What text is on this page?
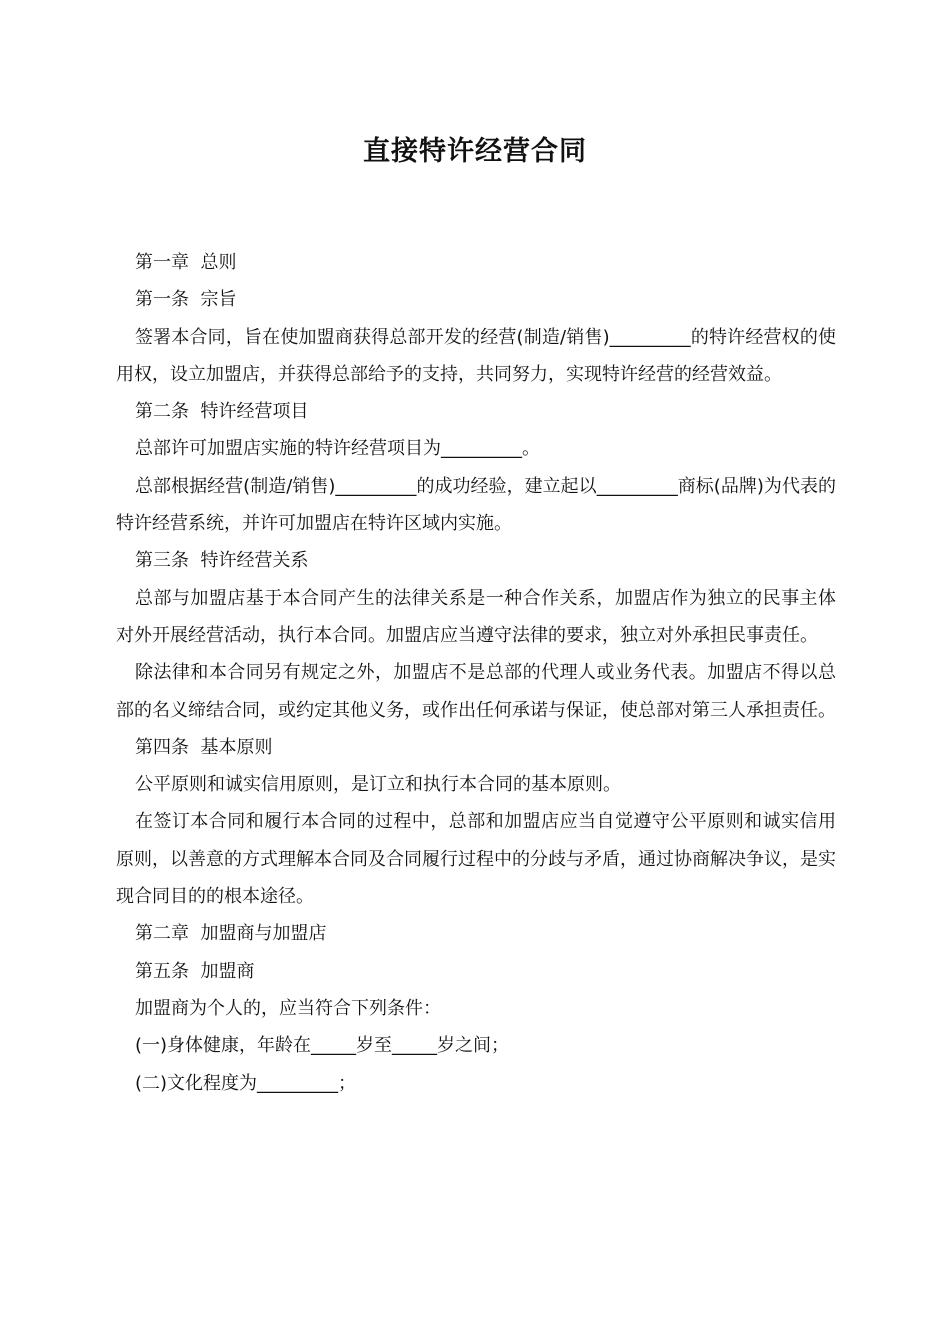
直接特许经营合同

第一章  总则

第一条  宗旨

签署本合同，旨在使加盟商获得总部开发的经营(制造/销售)_________的特许经营权的使用权，设立加盟店，并获得总部给予的支持，共同努力，实现特许经营的经营效益。

第二条  特许经营项目

总部许可加盟店实施的特许经营项目为_________。

总部根据经营(制造/销售)_________的成功经验，建立起以_________商标(品牌)为代表的特许经营系统，并许可加盟店在特许区域内实施。

第三条  特许经营关系

总部与加盟店基于本合同产生的法律关系是一种合作关系，加盟店作为独立的民事主体对外开展经营活动，执行本合同。加盟店应当遵守法律的要求，独立对外承担民事责任。

除法律和本合同另有规定之外，加盟店不是总部的代理人或业务代表。加盟店不得以总部的名义缔结合同，或约定其他义务，或作出任何承诺与保证，使总部对第三人承担责任。

第四条  基本原则

公平原则和诚实信用原则，是订立和执行本合同的基本原则。

在签订本合同和履行本合同的过程中，总部和加盟店应当自觉遵守公平原则和诚实信用原则，以善意的方式理解本合同及合同履行过程中的分歧与矛盾，通过协商解决争议，是实现合同目的的根本途径。

第二章  加盟商与加盟店

第五条  加盟商

加盟商为个人的，应当符合下列条件：

(一)身体健康，年龄在_____岁至_____岁之间；

(二)文化程度为_________；
